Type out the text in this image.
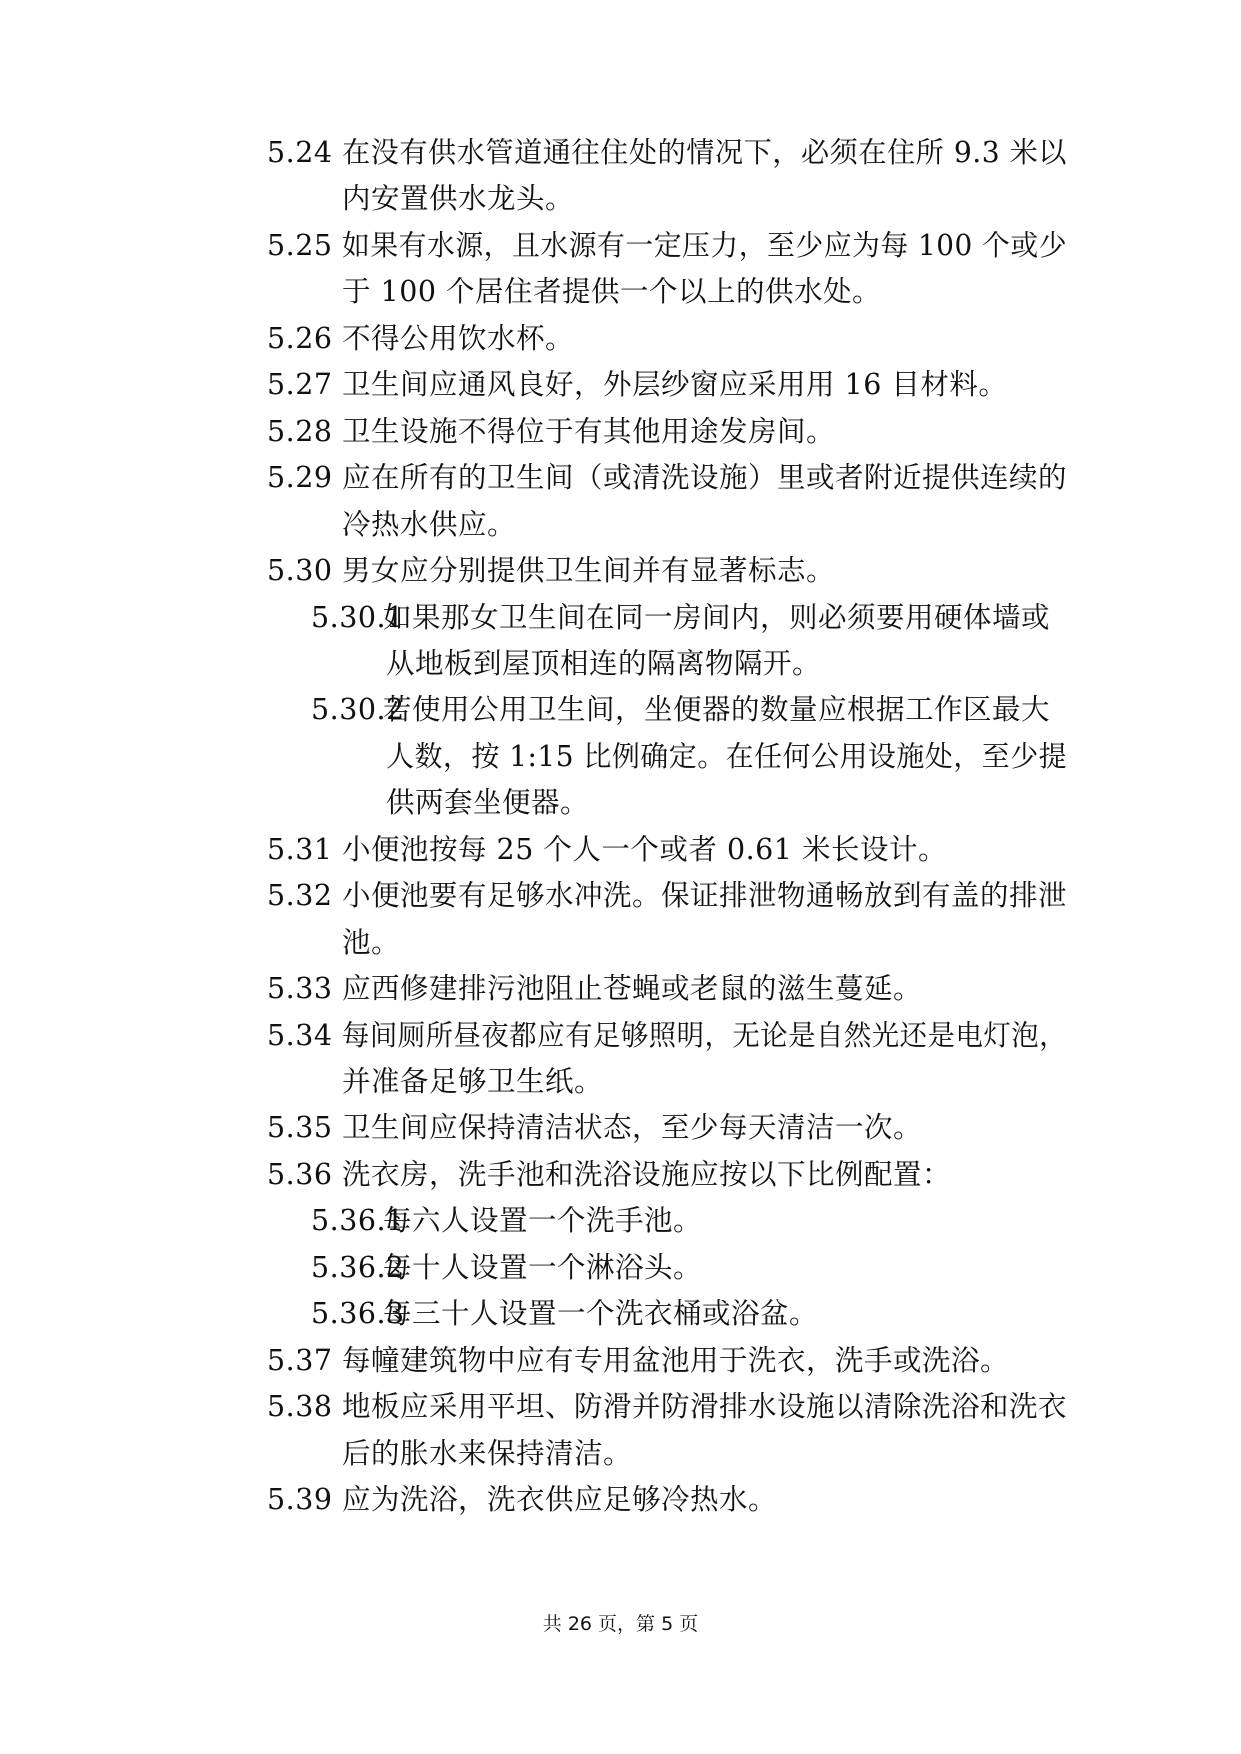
5.24 在没有供水管道通往住处的情况下，必须在住所 9.3 米以
内安置供水龙头。
5.25 如果有水源，且水源有一定压力，至少应为每 100 个或少
于 100 个居住者提供一个以上的供水处。
5.26 不得公用饮水杯。
5.27 卫生间应通风良好，外层纱窗应采用用 16 目材料。
5.28 卫生设施不得位于有其他用途发房间。
5.29 应在所有的卫生间（或清洗设施）里或者附近提供连续的
冷热水供应。
5.30 男女应分别提供卫生间并有显著标志。
5.30.1
如果那女卫生间在同一房间内，则必须要用硬体墙或
从地板到屋顶相连的隔离物隔开。
5.30.2
若使用公用卫生间，坐便器的数量应根据工作区最大
人数，按 1:15 比例确定。在任何公用设施处，至少提
供两套坐便器。
5.31 小便池按每 25 个人一个或者 0.61 米长设计。
5.32 小便池要有足够水冲洗。保证排泄物通畅放到有盖的排泄
池。
5.33 应西修建排污池阻止苍蝇或老鼠的滋生蔓延。
5.34 每间厕所昼夜都应有足够照明，无论是自然光还是电灯泡，
并准备足够卫生纸。
5.35 卫生间应保持清洁状态，至少每天清洁一次。
5.36 洗衣房，洗手池和洗浴设施应按以下比例配置：
5.36.1
每六人设置一个洗手池。
5.36.2
每十人设置一个淋浴头。
5.36.3
每三十人设置一个洗衣桶或浴盆。
5.37 每幢建筑物中应有专用盆池用于洗衣，洗手或洗浴。
5.38 地板应采用平坦、防滑并防滑排水设施以清除洗浴和洗衣
后的胀水来保持清洁。
5.39 应为洗浴，洗衣供应足够冷热水。
共 26 页，第 5 页
